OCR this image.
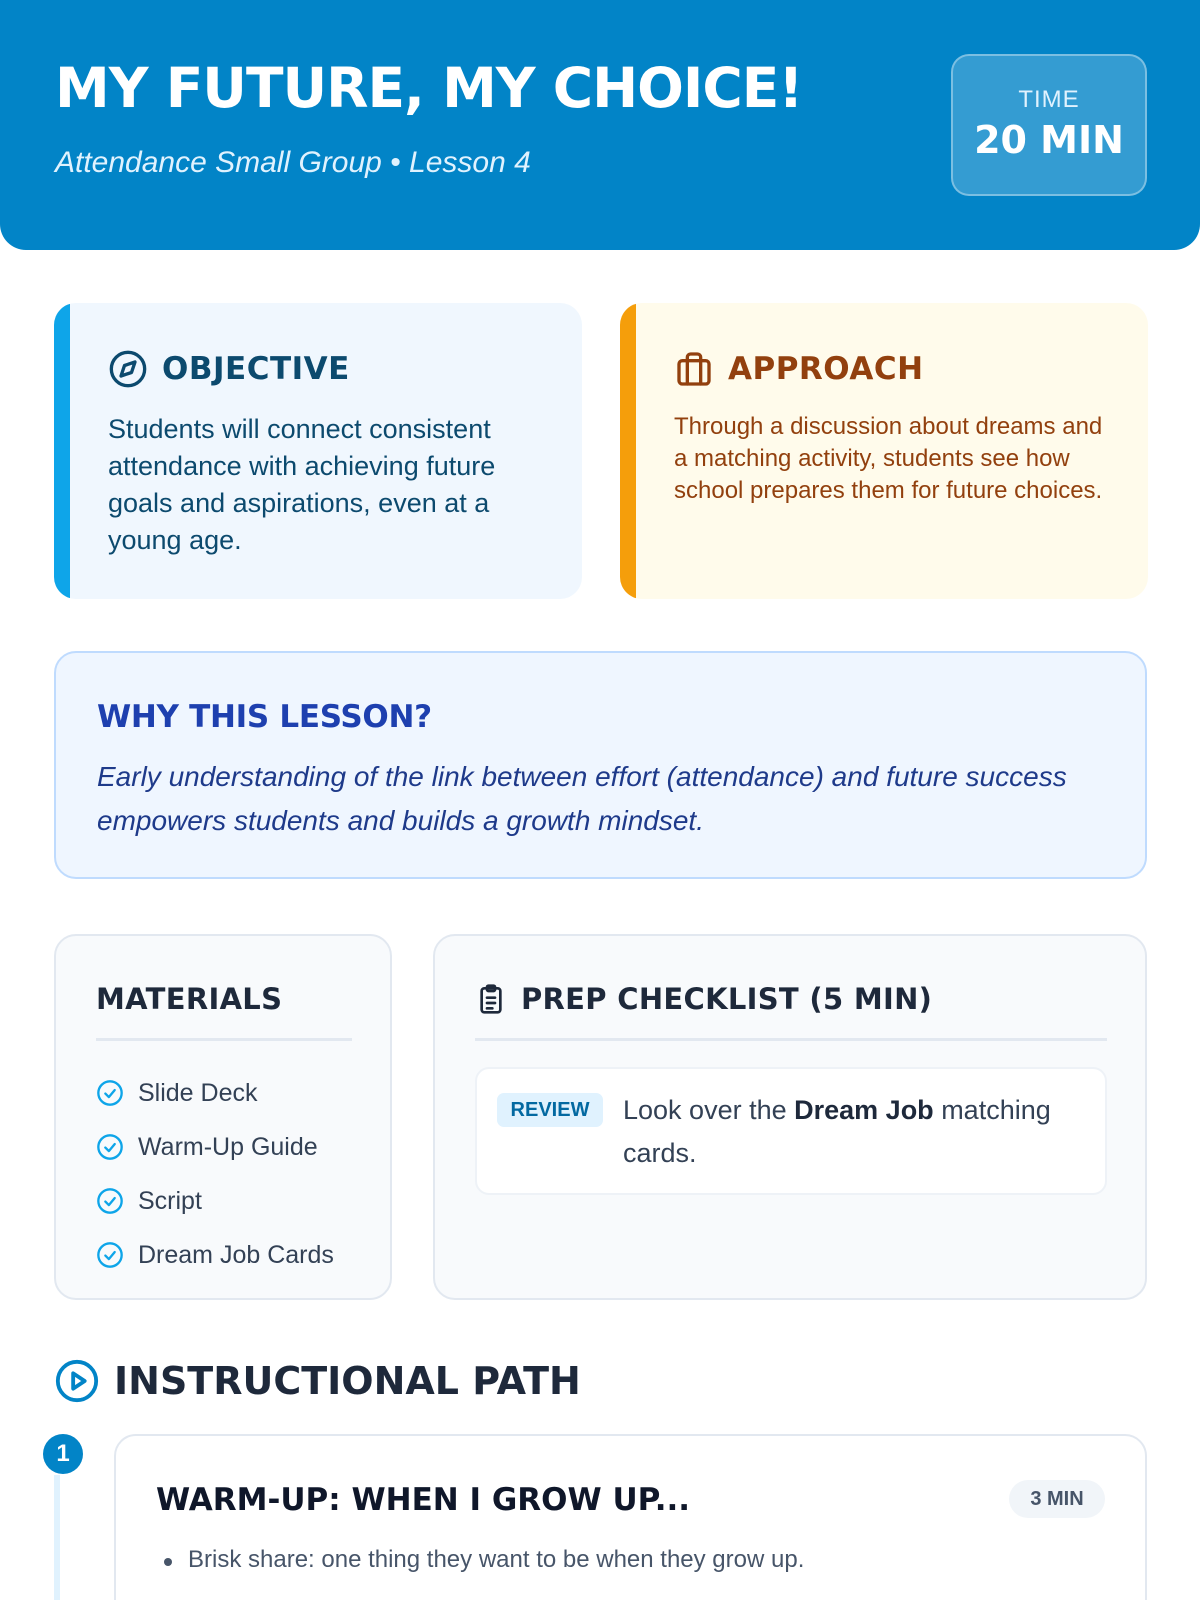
MY FUTURE, MY CHOICE!
Attendance Small Group • Lesson 4
TIME
20 MIN
OBJECTIVE

Students will connect consistent attendance with achieving future goals and aspirations, even at a young age.

APPROACH

Through a discussion about dreams and a matching activity, students see how school prepares them for future choices.

WHY THIS LESSON?

Early understanding of the link between effort (attendance) and future success empowers students and builds a growth mindset.

MATERIALS
Slide Deck
Warm-Up Guide
Script
Dream Job Cards
PREP CHECKLIST (5 MIN)
REVIEW	Look over the Dream Job matching cards.

INSTRUCTIONAL PATH
1
WARM-UP: WHEN I GROW UP...	3 MIN
Brisk share: one thing they want to be when they grow up.
